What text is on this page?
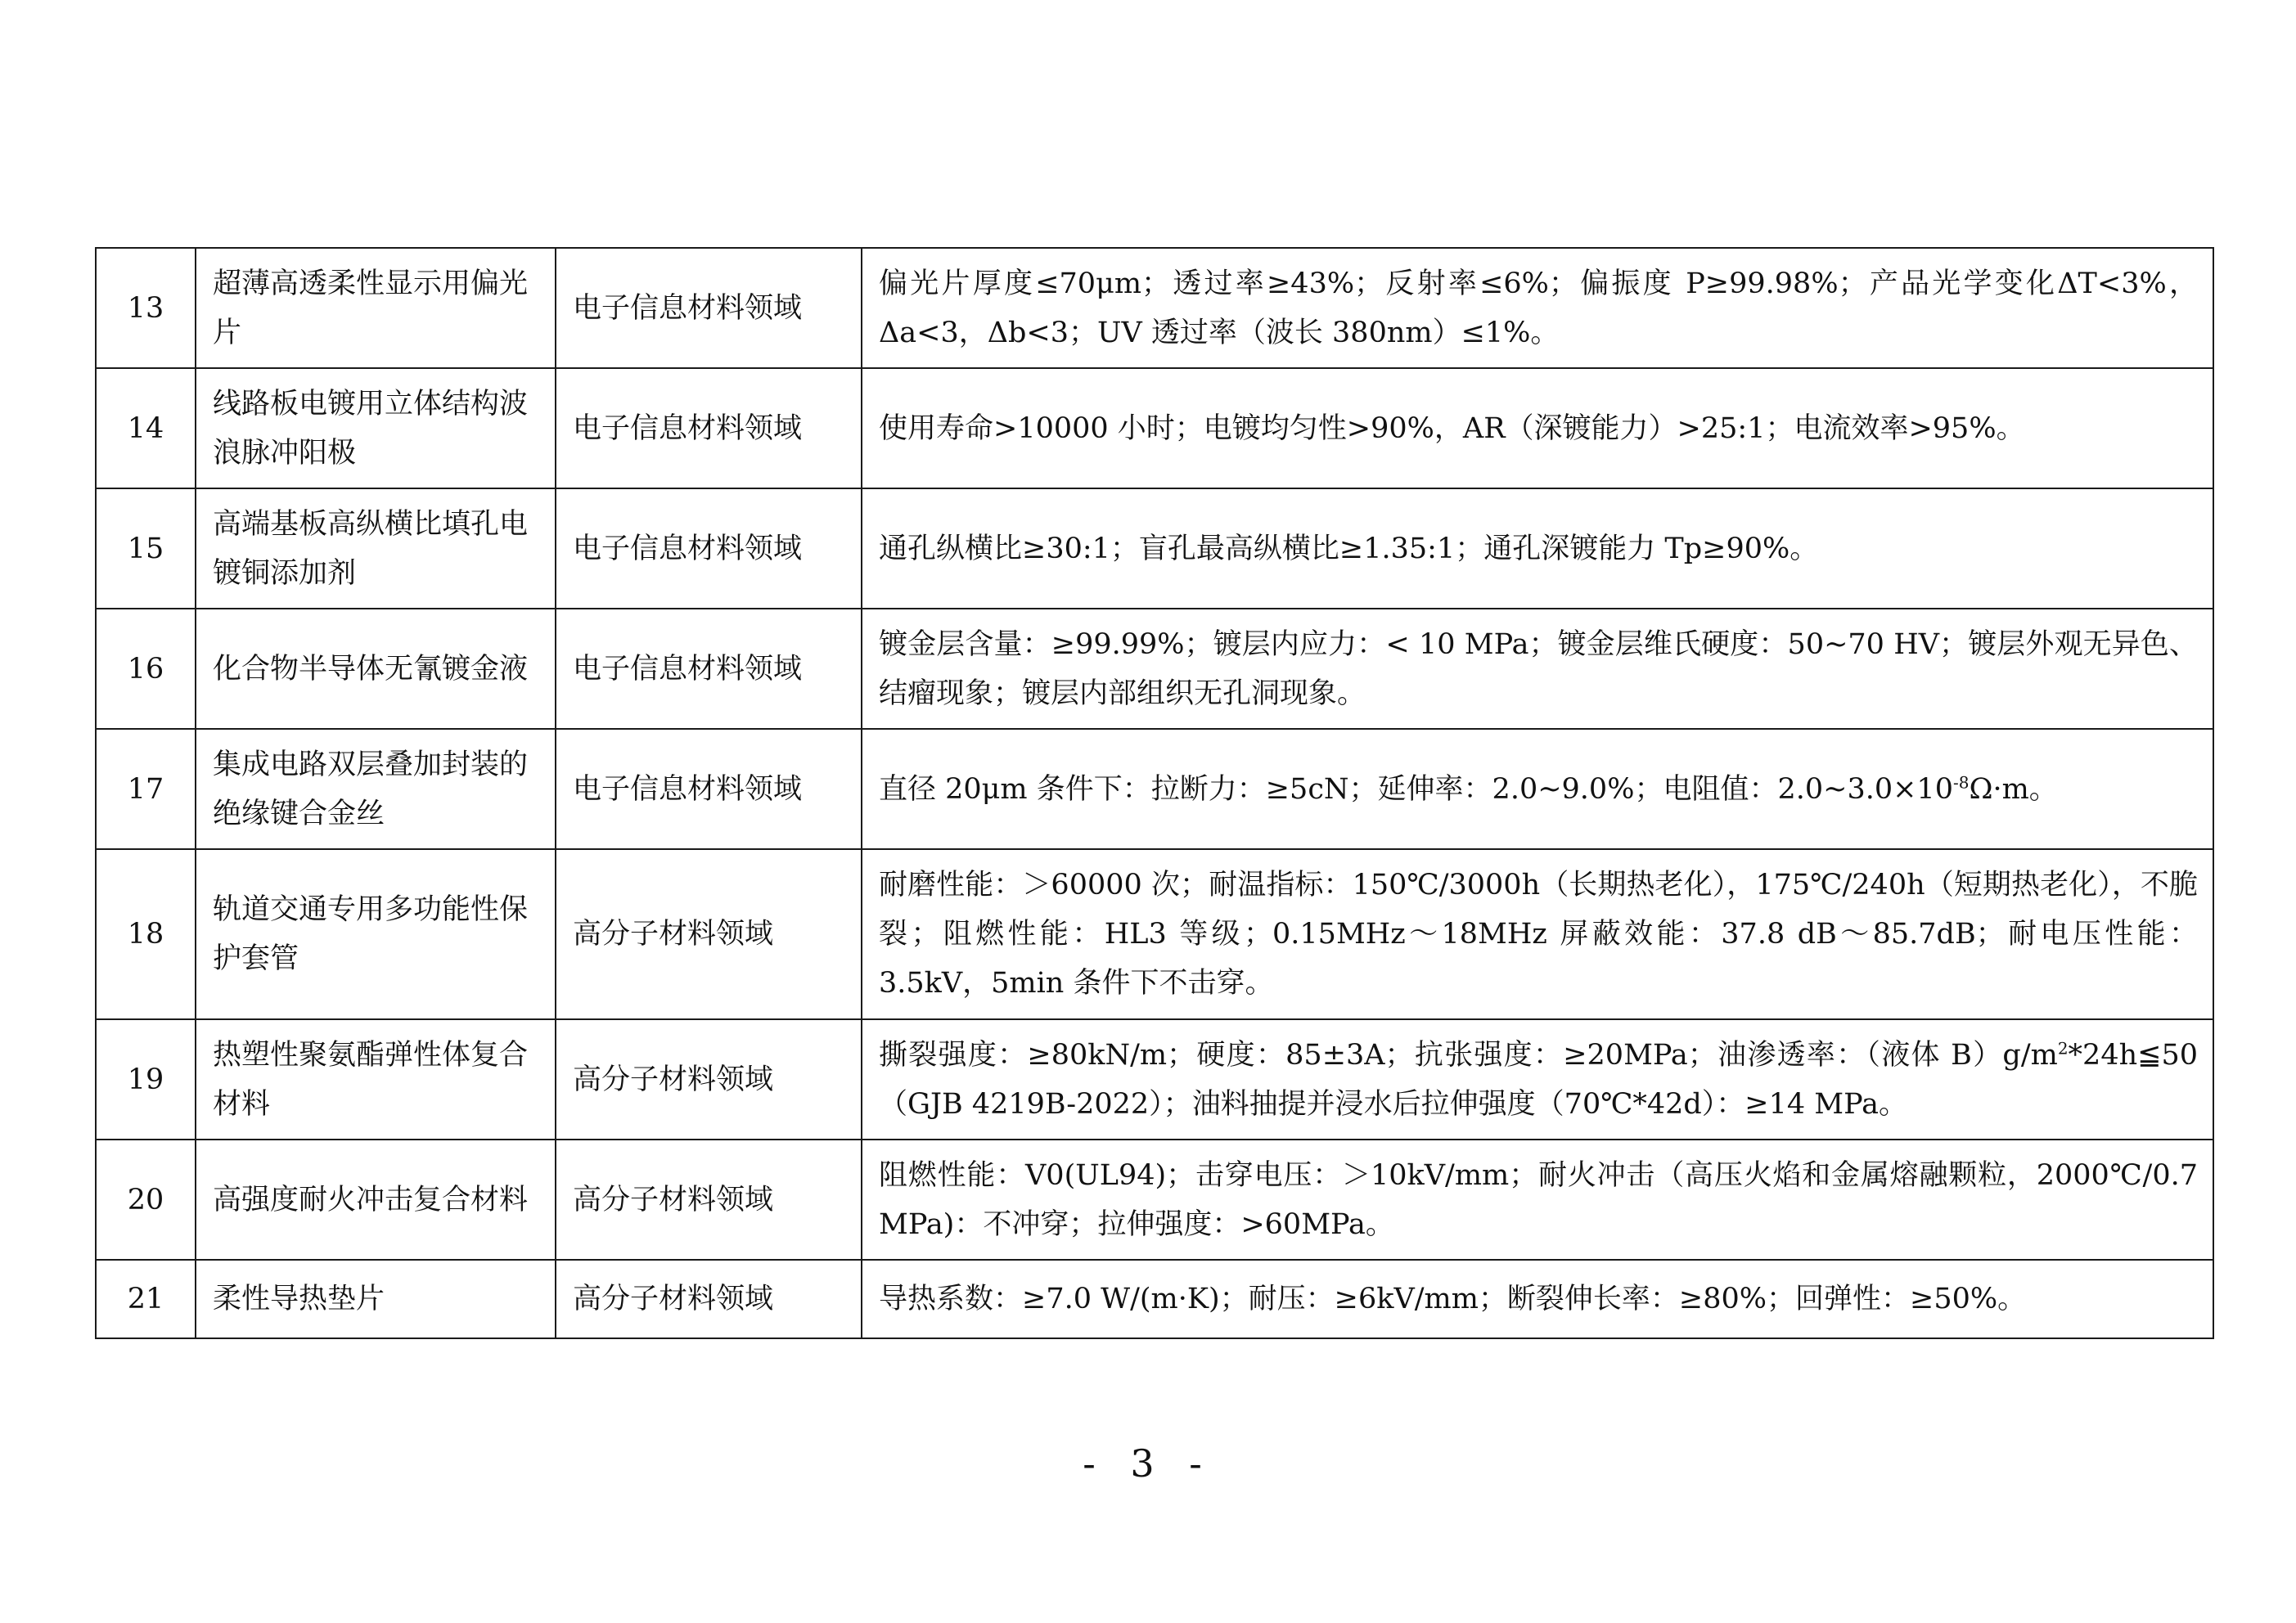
13	超薄高透柔性显示用偏光片	电子信息材料领域	偏光片厚度≤70μm；透过率≥43%；反射率≤6%；偏振度 P≥99.98%；产品光学变化ΔT<3%，Δa<3，Δb<3；UV 透过率（波长 380nm）≤1%。
14	线路板电镀用立体结构波浪脉冲阳极	电子信息材料领域	使用寿命>10000 小时；电镀均匀性>90%，AR（深镀能力）>25:1；电流效率>95%。
15	高端基板高纵横比填孔电镀铜添加剂	电子信息材料领域	通孔纵横比≥30:1；盲孔最高纵横比≥1.35:1；通孔深镀能力 Tp≥90%。
16	化合物半导体无氰镀金液	电子信息材料领域	镀金层含量：≥99.99%；镀层内应力：< 10 MPa；镀金层维氏硬度：50~70 HV；镀层外观无异色、结瘤现象；镀层内部组织无孔洞现象。
17	集成电路双层叠加封装的绝缘键合金丝	电子信息材料领域	直径 20μm 条件下：拉断力：≥5cN；延伸率：2.0~9.0%；电阻值：$2.0\sim 3.0\times 10^{-8}\Omega\cdot m$。
18	轨道交通专用多功能性保护套管	高分子材料领域	耐磨性能：＞60000 次；耐温指标：150℃/3000h（长期热老化），175℃/240h（短期热老化），不脆裂；阻燃性能：HL3 等级；0.15MHz～18MHz 屏蔽效能：37.8 dB～85.7dB；耐电压性能：3.5kV，5min 条件下不击穿。
19	热塑性聚氨酯弹性体复合材料	高分子材料领域	撕裂强度：≥80kN/m；硬度：85±3A；抗张强度：≥20MPa；油渗透率：（液体 $B)g/m^2*24h≦50(GJB$ 4219B-2022）；油料抽提并浸水后拉伸强度（70℃*42d）：≥14 MPa。
20	高强度耐火冲击复合材料	高分子材料领域	阻燃性能：V0(UL94)；击穿电压：＞10kV/mm；耐火冲击（高压火焰和金属熔融颗粒，2000℃/0.7 MPa)：不冲穿；拉伸强度：>60MPa。
21	柔性导热垫片	高分子材料领域	导热系数：≥7.0 W/(m·K)；耐压：≥6kV/mm；断裂伸长率：≥80%；回弹性：≥50%。
- 3 -
